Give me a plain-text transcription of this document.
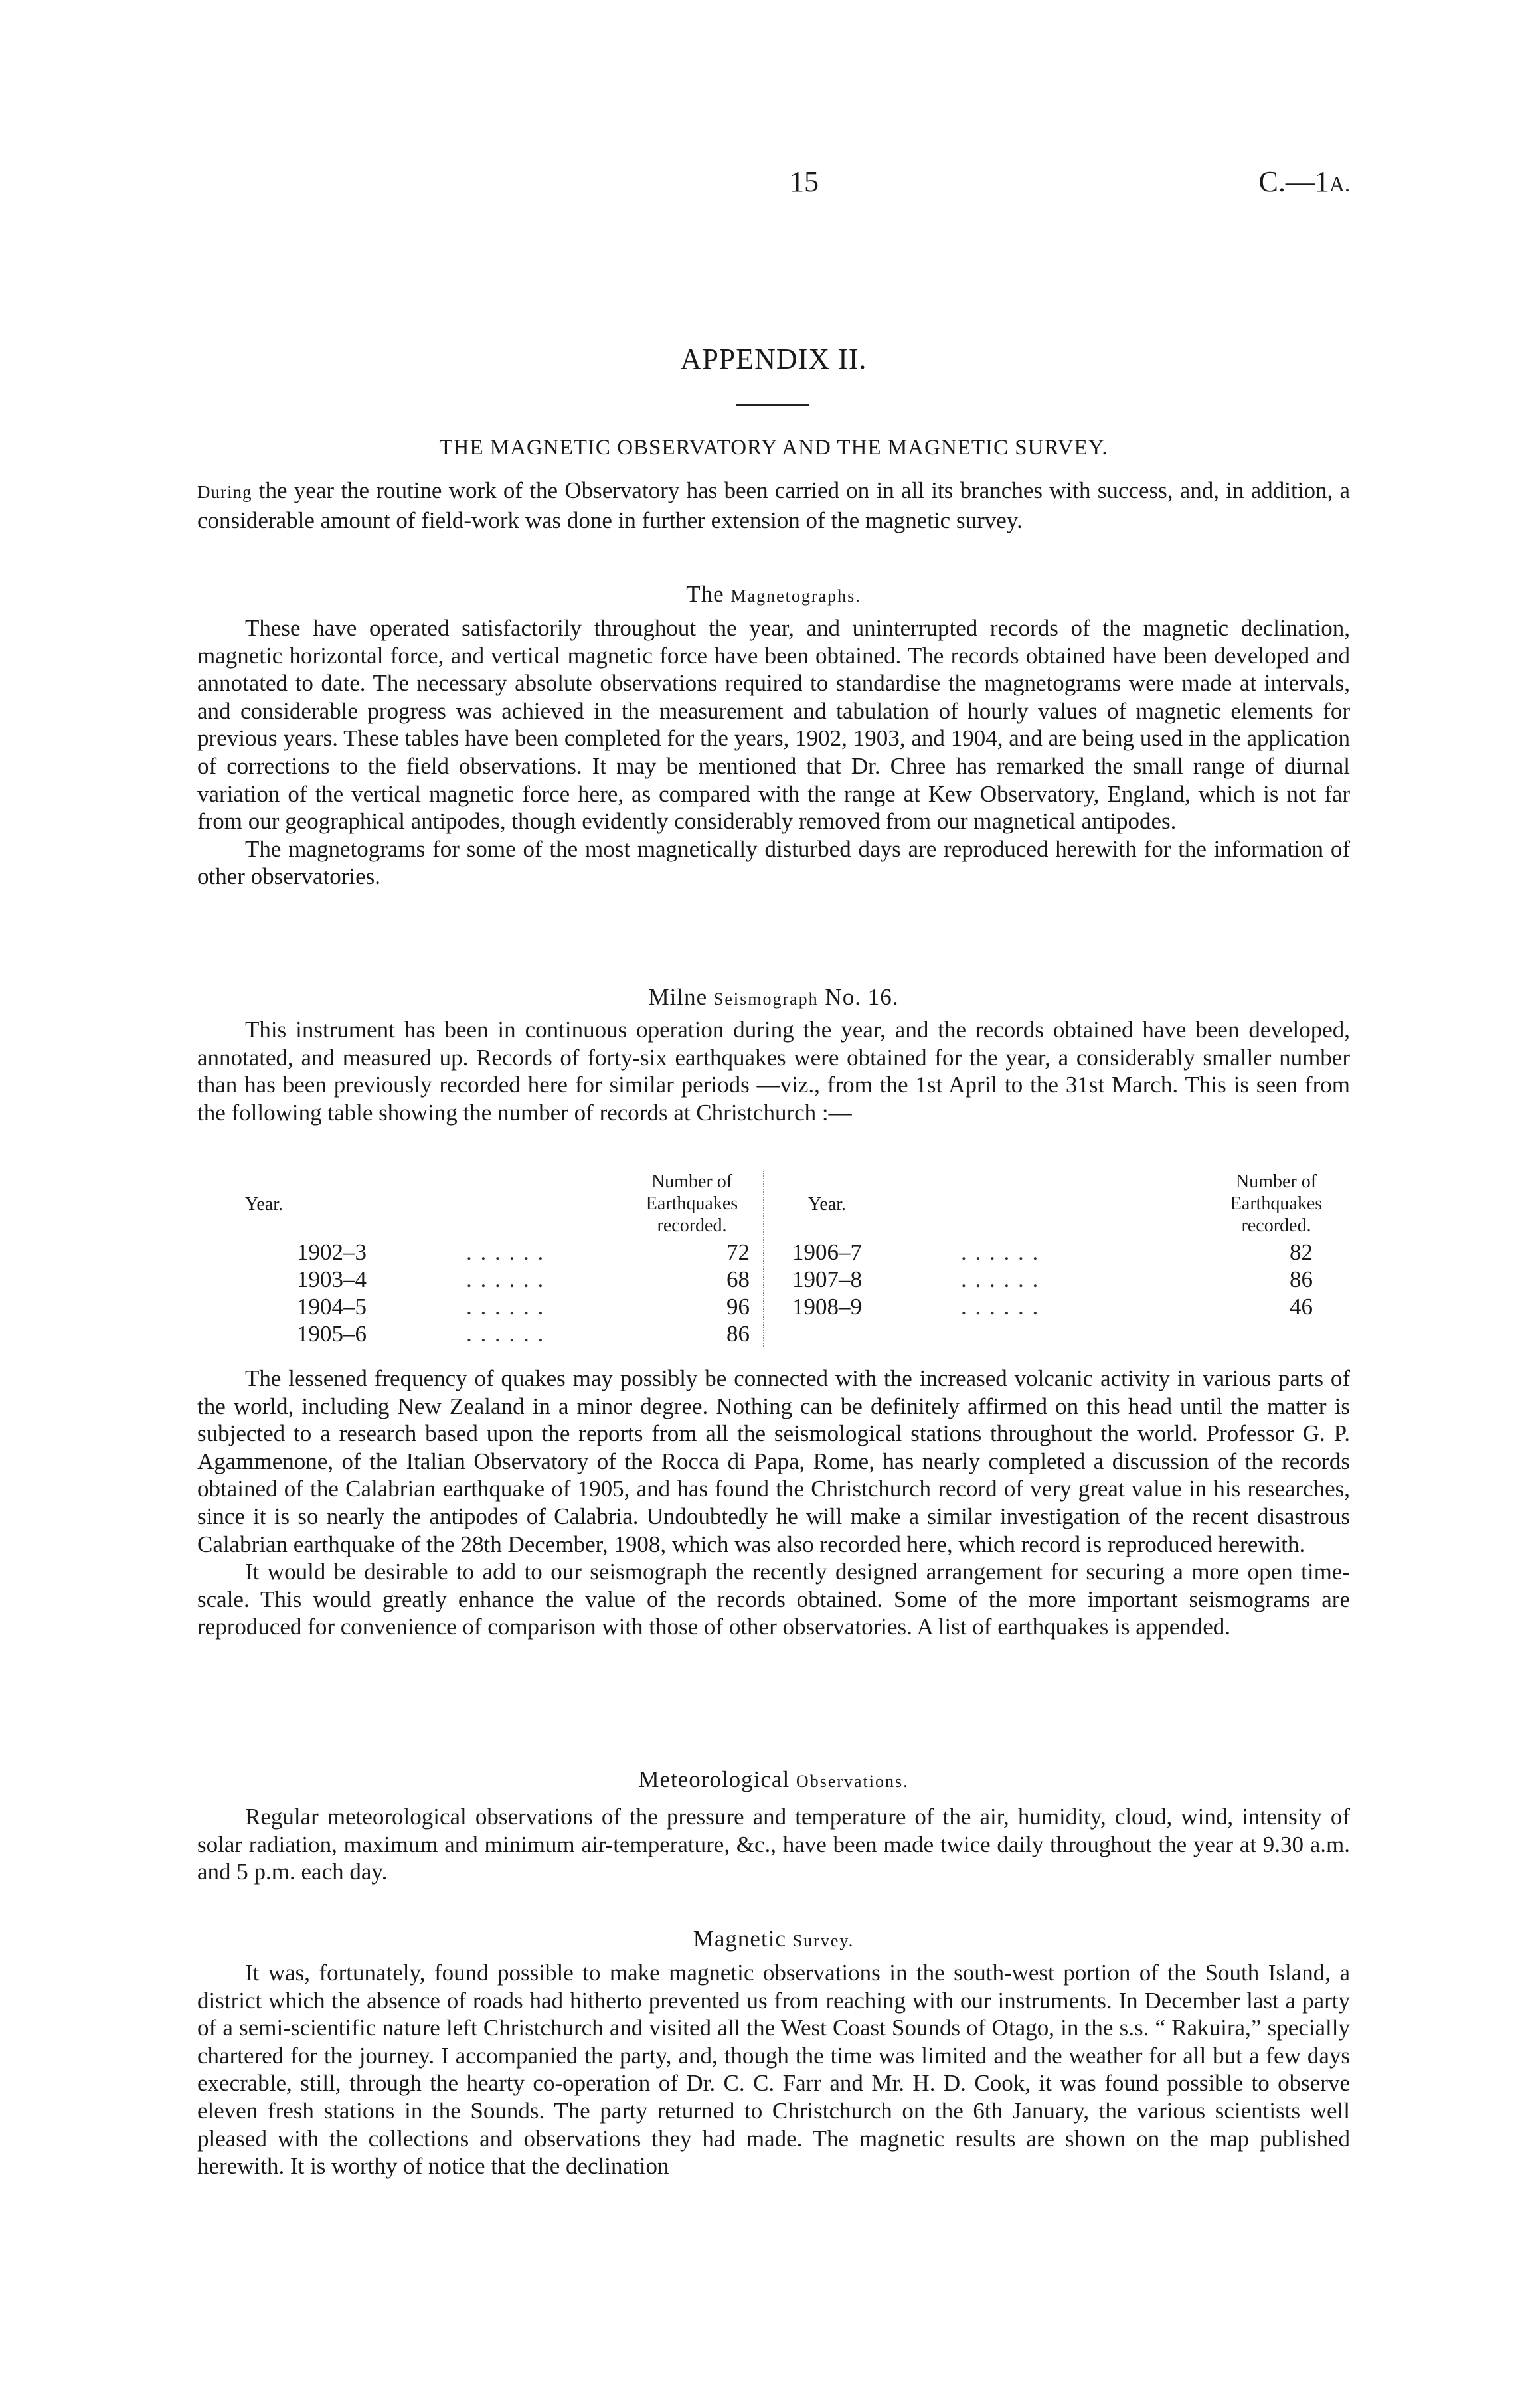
15	C.—1A.
APPENDIX II.
THE MAGNETIC OBSERVATORY AND THE MAGNETIC SURVEY.

During the year the routine work of the Observatory has been carried on in all its branches with success, and, in addition, a considerable amount of field-work was done in further extension of the magnetic survey.

The Magnetographs.

These have operated satisfactorily throughout the year, and uninterrupted records of the magnetic declination, magnetic horizontal force, and vertical magnetic force have been obtained. The records obtained have been developed and annotated to date. The necessary absolute observations required to standardise the magnetograms were made at intervals, and considerable progress was achieved in the measurement and tabulation of hourly values of magnetic elements for previous years. These tables have been completed for the years, 1902, 1903, and 1904, and are being used in the application of corrections to the field observations. It may be mentioned that Dr. Chree has remarked the small range of diurnal variation of the vertical magnetic force here, as compared with the range at Kew Observatory, England, which is not far from our geographical antipodes, though evidently considerably removed from our magnetical antipodes.

The magnetograms for some of the most magnetically disturbed days are reproduced herewith for the information of other observatories.

Milne Seismograph No. 16.

This instrument has been in continuous operation during the year, and the records obtained have been developed, annotated, and measured up. Records of forty-six earthquakes were obtained for the year, a considerably smaller number than has been previously recorded here for similar periods —viz., from the 1st April to the 31st March. This is seen from the following table showing the number of records at Christchurch :—

Year.
Number of
Earthquakes
recorded.
Year.
Number of
Earthquakes
recorded.
1902–3	. . . . . .	72
1903–4	. . . . . .	68
1904–5	. . . . . .	96
1905–6	. . . . . .	86
1906–7	. . . . . .	82
1907–8	. . . . . .	86
1908–9	. . . . . .	46

The lessened frequency of quakes may possibly be connected with the increased volcanic activity in various parts of the world, including New Zealand in a minor degree. Nothing can be definitely affirmed on this head until the matter is subjected to a research based upon the reports from all the seismological stations throughout the world. Professor G. P. Agammenone, of the Italian Observatory of the Rocca di Papa, Rome, has nearly completed a discussion of the records obtained of the Calabrian earthquake of 1905, and has found the Christchurch record of very great value in his researches, since it is so nearly the antipodes of Calabria. Undoubtedly he will make a similar investigation of the recent disastrous Calabrian earthquake of the 28th December, 1908, which was also recorded here, which record is reproduced herewith.

It would be desirable to add to our seismograph the recently designed arrangement for securing a more open time-scale. This would greatly enhance the value of the records obtained. Some of the more important seismograms are reproduced for convenience of comparison with those of other observatories. A list of earthquakes is appended.

Meteorological Observations.

Regular meteorological observations of the pressure and temperature of the air, humidity, cloud, wind, intensity of solar radiation, maximum and minimum air-temperature, &c., have been made twice daily throughout the year at 9.30 a.m. and 5 p.m. each day.

Magnetic Survey.

It was, fortunately, found possible to make magnetic observations in the south-west portion of the South Island, a district which the absence of roads had hitherto prevented us from reaching with our instruments. In December last a party of a semi-scientific nature left Christchurch and visited all the West Coast Sounds of Otago, in the s.s. “ Rakuira,” specially chartered for the journey. I accompanied the party, and, though the time was limited and the weather for all but a few days execrable, still, through the hearty co-operation of Dr. C. C. Farr and Mr. H. D. Cook, it was found possible to observe eleven fresh stations in the Sounds. The party returned to Christchurch on the 6th January, the various scientists well pleased with the collections and observations they had made. The magnetic results are shown on the map published herewith. It is worthy of notice that the declination
